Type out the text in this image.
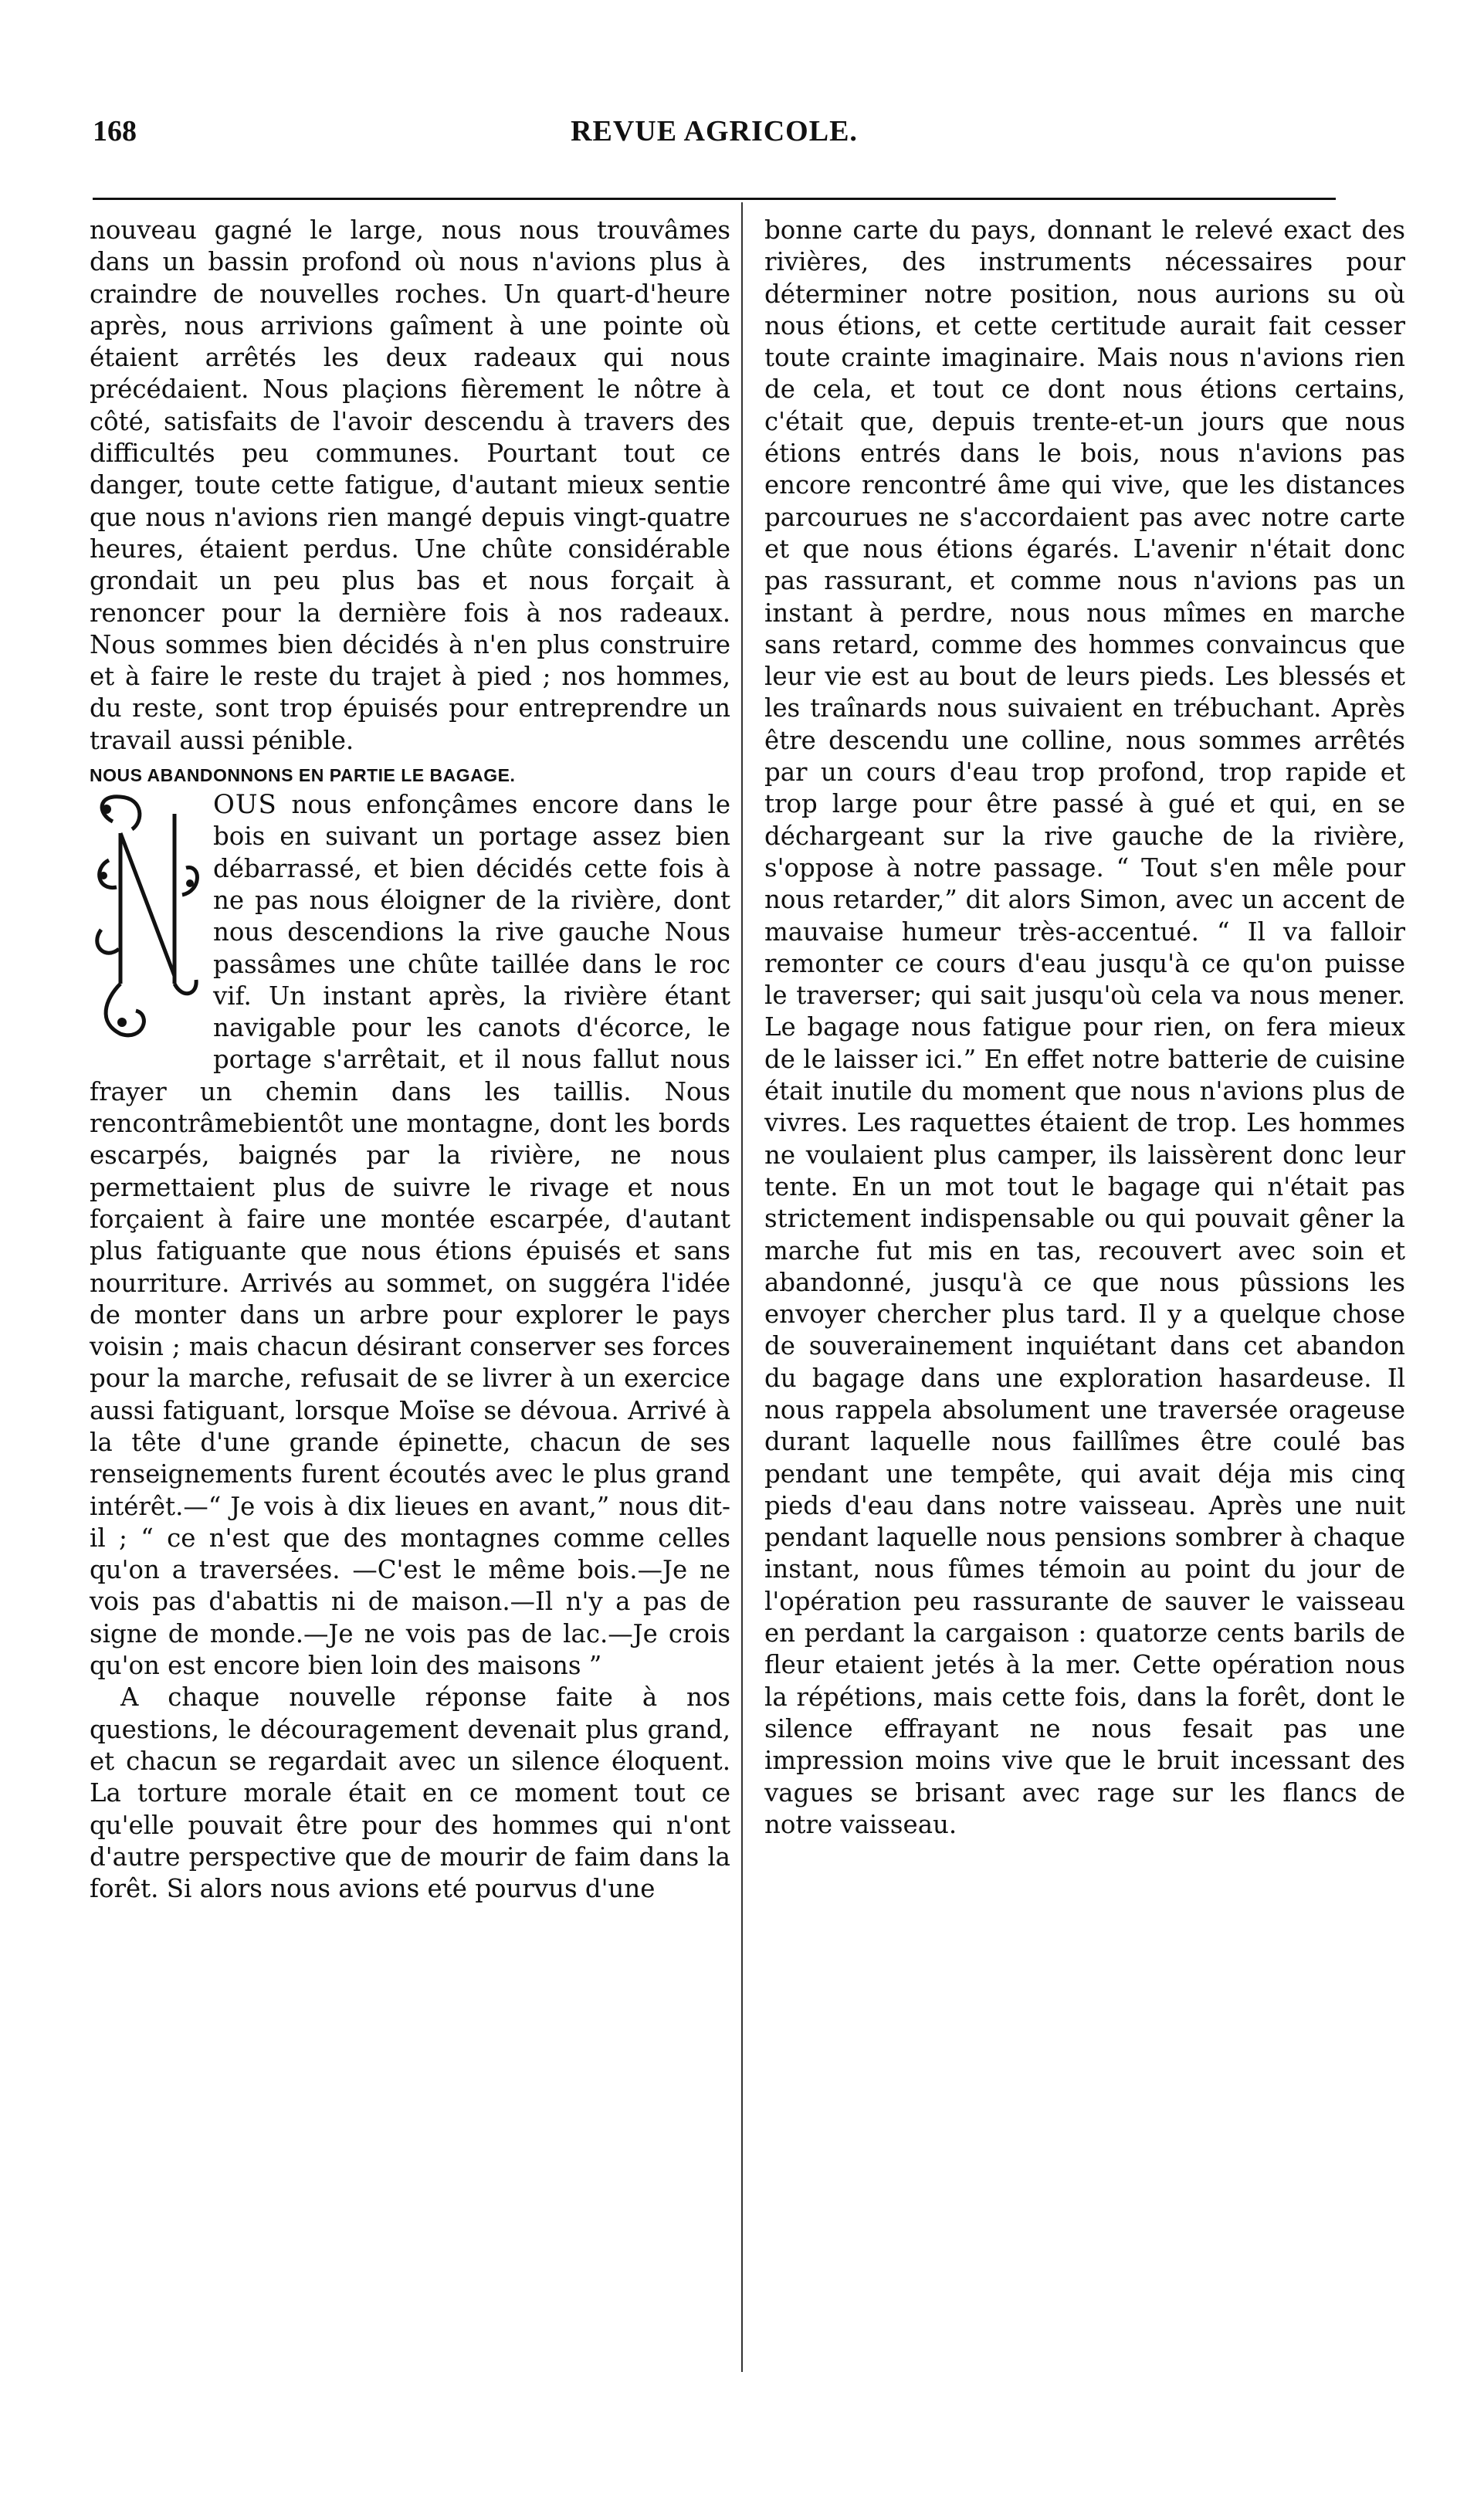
168	REVUE AGRICOLE.

nouveau gagné le large, nous nous trouvâmes dans un bassin profond où nous n'avions plus à craindre de nouvelles roches. Un quart-d'heure après, nous arrivions gaîment à une pointe où étaient arrêtés les deux radeaux qui nous précédaient. Nous plaçions fièrement le nôtre à côté, satisfaits de l'avoir descendu à travers des difficultés peu communes. Pourtant tout ce danger, toute cette fatigue, d'autant mieux sentie que nous n'avions rien mangé depuis vingt-quatre heures, étaient perdus. Une chûte considérable grondait un peu plus bas et nous forçait à renoncer pour la dernière fois à nos radeaux. Nous sommes bien décidés à n'en plus construire et à faire le reste du trajet à pied ; nos hommes, du reste, sont trop épuisés pour entreprendre un travail aussi pénible.

NOUS ABANDONNONS EN PARTIE LE BAGAGE.

OUS nous enfonçâmes encore dans le bois en suivant un portage assez bien débarrassé, et bien décidés cette fois à ne pas nous éloigner de la rivière, dont nous descendions la rive gauche Nous passâmes une chûte taillée dans le roc vif. Un instant après, la rivière étant navigable pour les canots d'écorce, le portage s'arrêtait, et il nous fallut nous frayer un chemin dans les taillis. Nous rencontrâmebientôt une montagne, dont les bords escarpés, baignés par la rivière, ne nous permettaient plus de suivre le rivage et nous forçaient à faire une montée escarpée, d'autant plus fatiguante que nous étions épuisés et sans nourriture. Arrivés au sommet, on suggéra l'idée de monter dans un arbre pour explorer le pays voisin ; mais chacun désirant conserver ses forces pour la marche, refusait de se livrer à un exercice aussi fatiguant, lorsque Moïse se dévoua. Arrivé à la tête d'une grande épinette, chacun de ses renseignements furent écoutés avec le plus grand intérêt.—“ Je vois à dix lieues en avant,” nous dit-il ; “ ce n'est que des montagnes comme celles qu'on a traversées. —C'est le même bois.—Je ne vois pas d'abattis ni de maison.—Il n'y a pas de signe de monde.—Je ne vois pas de lac.—Je crois qu'on est encore bien loin des maisons ”

A chaque nouvelle réponse faite à nos questions, le découragement devenait plus grand, et chacun se regardait avec un silence éloquent. La torture morale était en ce moment tout ce qu'elle pouvait être pour des hommes qui n'ont d'autre perspective que de mourir de faim dans la forêt. Si alors nous avions eté pourvus d'une

bonne carte du pays, donnant le relevé exact des rivières, des instruments nécessaires pour déterminer notre position, nous aurions su où nous étions, et cette certitude aurait fait cesser toute crainte imaginaire. Mais nous n'avions rien de cela, et tout ce dont nous étions certains, c'était que, depuis trente-et-un jours que nous étions entrés dans le bois, nous n'avions pas encore rencontré âme qui vive, que les distances parcourues ne s'accordaient pas avec notre carte et que nous étions égarés. L'avenir n'était donc pas rassurant, et comme nous n'avions pas un instant à perdre, nous nous mîmes en marche sans retard, comme des hommes convaincus que leur vie est au bout de leurs pieds. Les blessés et les traînards nous suivaient en trébuchant. Après être descendu une colline, nous sommes arrêtés par un cours d'eau trop profond, trop rapide et trop large pour être passé à gué et qui, en se déchargeant sur la rive gauche de la rivière, s'oppose à notre passage. “ Tout s'en mêle pour nous retarder,” dit alors Simon, avec un accent de mauvaise humeur très-accentué. “ Il va falloir remonter ce cours d'eau jusqu'à ce qu'on puisse le traverser; qui sait jusqu'où cela va nous mener. Le bagage nous fatigue pour rien, on fera mieux de le laisser ici.” En effet notre batterie de cuisine était inutile du moment que nous n'avions plus de vivres. Les raquettes étaient de trop. Les hommes ne voulaient plus camper, ils laissèrent donc leur tente. En un mot tout le bagage qui n'était pas strictement indispensable ou qui pouvait gêner la marche fut mis en tas, recouvert avec soin et abandonné, jusqu'à ce que nous pûssions les envoyer chercher plus tard. Il y a quelque chose de souverainement inquiétant dans cet abandon du bagage dans une exploration hasardeuse. Il nous rappela absolument une traversée orageuse durant laquelle nous faillîmes être coulé bas pendant une tempête, qui avait déja mis cinq pieds d'eau dans notre vaisseau. Après une nuit pendant laquelle nous pensions sombrer à chaque instant, nous fûmes témoin au point du jour de l'opération peu rassurante de sauver le vaisseau en perdant la cargaison : quatorze cents barils de fleur etaient jetés à la mer. Cette opération nous la répétions, mais cette fois, dans la forêt, dont le silence effrayant ne nous fesait pas une impression moins vive que le bruit incessant des vagues se brisant avec rage sur les flancs de notre vaisseau.
